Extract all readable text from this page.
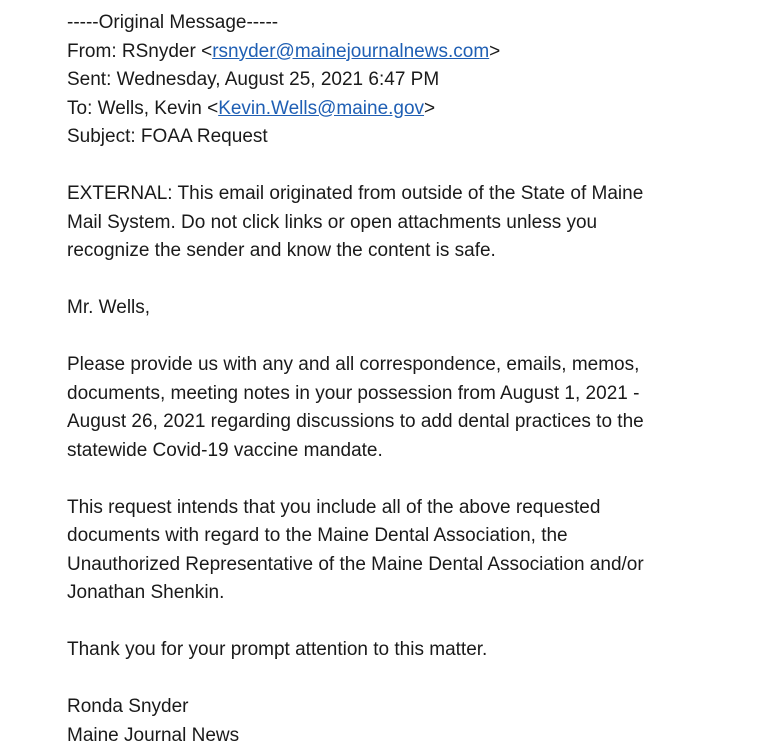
-----Original Message-----
From: RSnyder <rsnyder@mainejournalnews.com>
Sent: Wednesday, August 25, 2021 6:47 PM
To: Wells, Kevin <Kevin.Wells@maine.gov>
Subject: FOAA Request
EXTERNAL: This email originated from outside of the State of Maine
Mail System. Do not click links or open attachments unless you
recognize the sender and know the content is safe.
Mr. Wells,
Please provide us with any and all correspondence, emails, memos,
documents, meeting notes in your possession from August 1, 2021 -
August 26, 2021 regarding discussions to add dental practices to the
statewide Covid-19 vaccine mandate.
This request intends that you include all of the above requested
documents with regard to the Maine Dental Association, the
Unauthorized Representative of the Maine Dental Association and/or
Jonathan Shenkin.
Thank you for your prompt attention to this matter.
Ronda Snyder
Maine Journal News
